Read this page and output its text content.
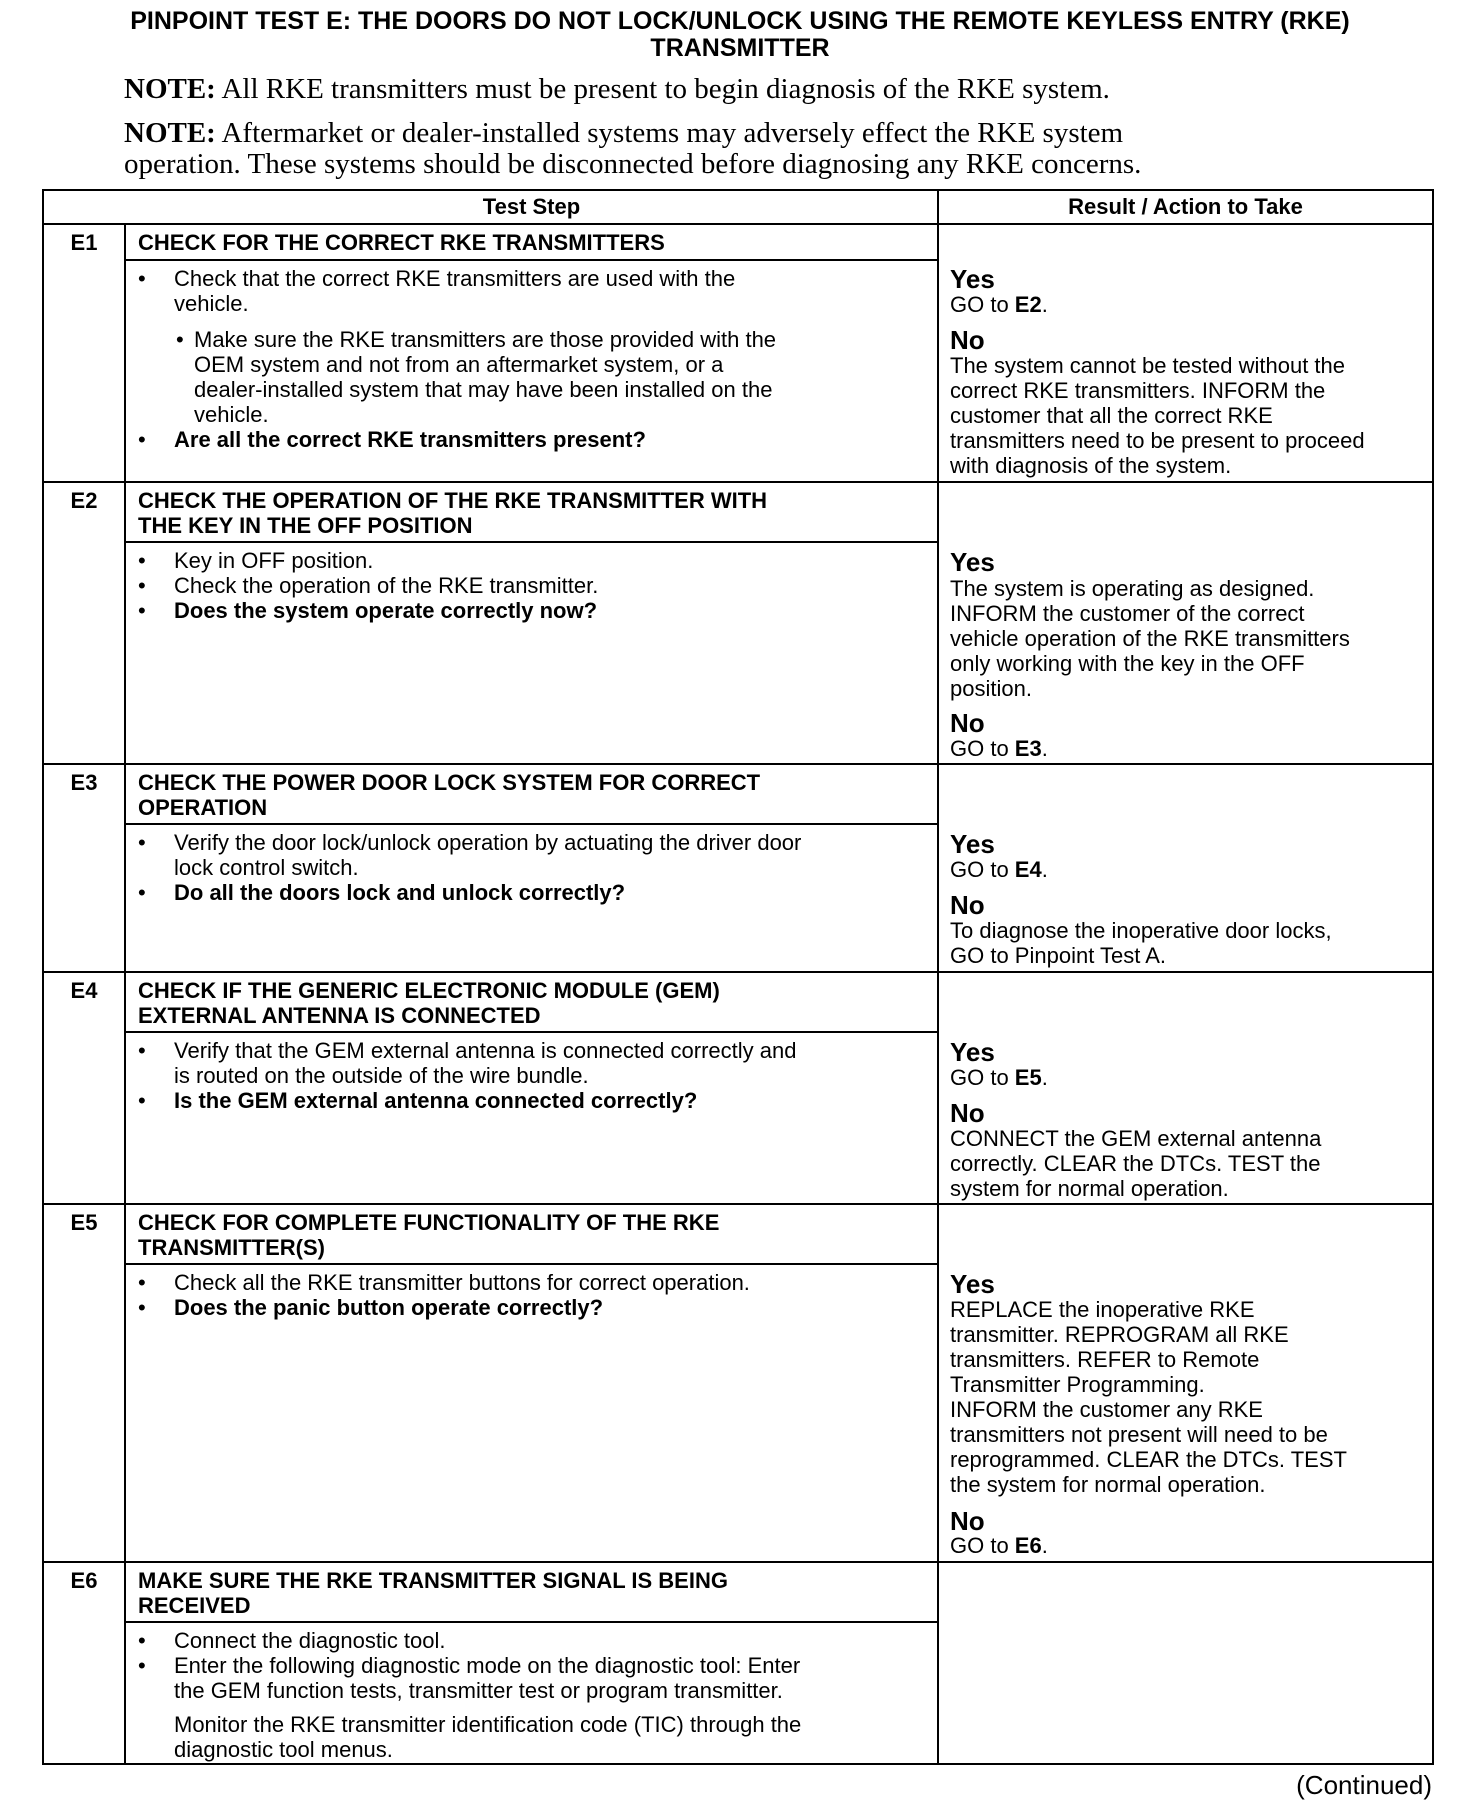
PINPOINT TEST E: THE DOORS DO NOT LOCK/UNLOCK USING THE REMOTE KEYLESS ENTRY (RKE)
TRANSMITTER
NOTE: All RKE transmitters must be present to begin diagnosis of the RKE system.
NOTE: Aftermarket or dealer-installed systems may adversely effect the RKE system
operation. These systems should be disconnected before diagnosing any RKE concerns.
Test Step	Result / Action to Take
E1	CHECK FOR THE CORRECT RKE TRANSMITTERS
• Check that the correct RKE transmitters are used with the
vehicle.
• Make sure the RKE transmitters are those provided with the
OEM system and not from an aftermarket system, or a
dealer-installed system that may have been installed on the
vehicle.
• Are all the correct RKE transmitters present?
Yes
GO to E2.
No
The system cannot be tested without the
correct RKE transmitters. INFORM the
customer that all the correct RKE
transmitters need to be present to proceed
with diagnosis of the system.
E2	CHECK THE OPERATION OF THE RKE TRANSMITTER WITH
THE KEY IN THE OFF POSITION
• Key in OFF position.
• Check the operation of the RKE transmitter.
• Does the system operate correctly now?
Yes
The system is operating as designed.
INFORM the customer of the correct
vehicle operation of the RKE transmitters
only working with the key in the OFF
position.
No
GO to E3.
E3	CHECK THE POWER DOOR LOCK SYSTEM FOR CORRECT
OPERATION
• Verify the door lock/unlock operation by actuating the driver door
lock control switch.
• Do all the doors lock and unlock correctly?
Yes
GO to E4.
No
To diagnose the inoperative door locks,
GO to Pinpoint Test A.
E4	CHECK IF THE GENERIC ELECTRONIC MODULE (GEM)
EXTERNAL ANTENNA IS CONNECTED
• Verify that the GEM external antenna is connected correctly and
is routed on the outside of the wire bundle.
• Is the GEM external antenna connected correctly?
Yes
GO to E5.
No
CONNECT the GEM external antenna
correctly. CLEAR the DTCs. TEST the
system for normal operation.
E5	CHECK FOR COMPLETE FUNCTIONALITY OF THE RKE
TRANSMITTER(S)
• Check all the RKE transmitter buttons for correct operation.
• Does the panic button operate correctly?
Yes
REPLACE the inoperative RKE
transmitter. REPROGRAM all RKE
transmitters. REFER to Remote
Transmitter Programming.
INFORM the customer any RKE
transmitters not present will need to be
reprogrammed. CLEAR the DTCs. TEST
the system for normal operation.
No
GO to E6.
E6	MAKE SURE THE RKE TRANSMITTER SIGNAL IS BEING
RECEIVED
• Connect the diagnostic tool.
• Enter the following diagnostic mode on the diagnostic tool: Enter
the GEM function tests, transmitter test or program transmitter.
Monitor the RKE transmitter identification code (TIC) through the
diagnostic tool menus.
(Continued)
